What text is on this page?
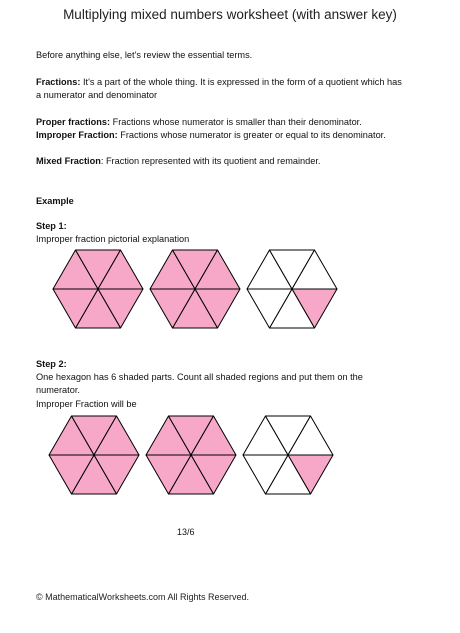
Multiplying mixed numbers worksheet (with answer key)

Before anything else, let's review the essential terms.

Fractions: It's a part of the whole thing. It is expressed in the form of a quotient which has a numerator and denominator

Proper fractions: Fractions whose numerator is smaller than their denominator.

Improper Fraction: Fractions whose numerator is greater or equal to its denominator.

Mixed Fraction: Fraction represented with its quotient and remainder.

Example

Step 1:

Improper fraction pictorial explanation

Step 2:

One hexagon has 6 shaded parts. Count all shaded regions and put them on the numerator.

Improper Fraction will be

13/6
© MathematicalWorksheets.com All Rights Reserved.
